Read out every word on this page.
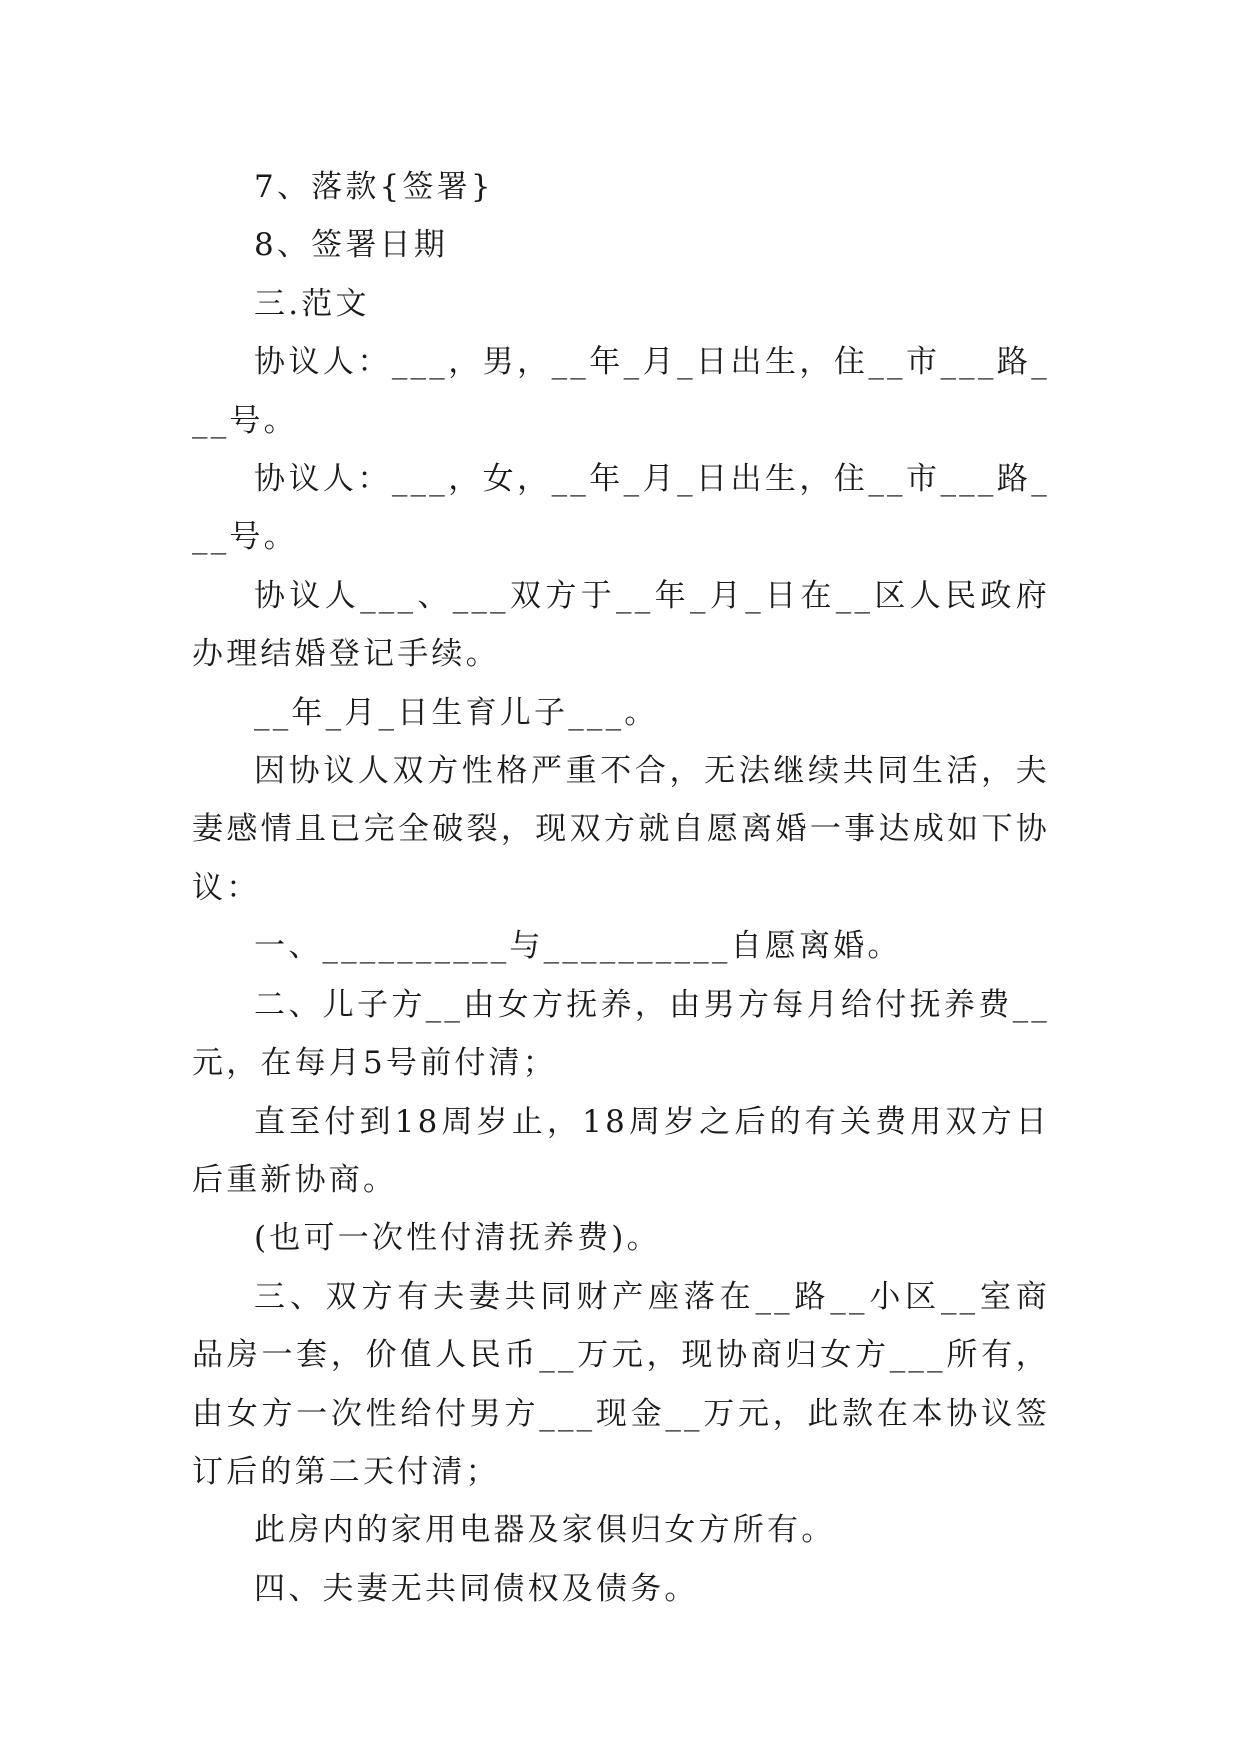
7、落款{签署}

8、签署日期

三.范文

协议人：___，男，__年_月_日出生，住__市___路___号。

协议人：___，女，__年_月_日出生，住__市___路___号。

协议人___、___双方于__年_月_日在__区人民政府办理结婚登记手续。

__年_月_日生育儿子___。

因协议人双方性格严重不合，无法继续共同生活，夫妻感情且已完全破裂，现双方就自愿离婚一事达成如下协议：

一、__________与__________自愿离婚。

二、儿子方__由女方抚养，由男方每月给付抚养费__元，在每月5号前付清；

直至付到18周岁止，18周岁之后的有关费用双方日后重新协商。

(也可一次性付清抚养费)。

三、双方有夫妻共同财产座落在__路__小区__室商品房一套，价值人民币__万元，现协商归女方___所有，由女方一次性给付男方___现金__万元，此款在本协议签订后的第二天付清；

此房内的家用电器及家俱归女方所有。

四、夫妻无共同债权及债务。
